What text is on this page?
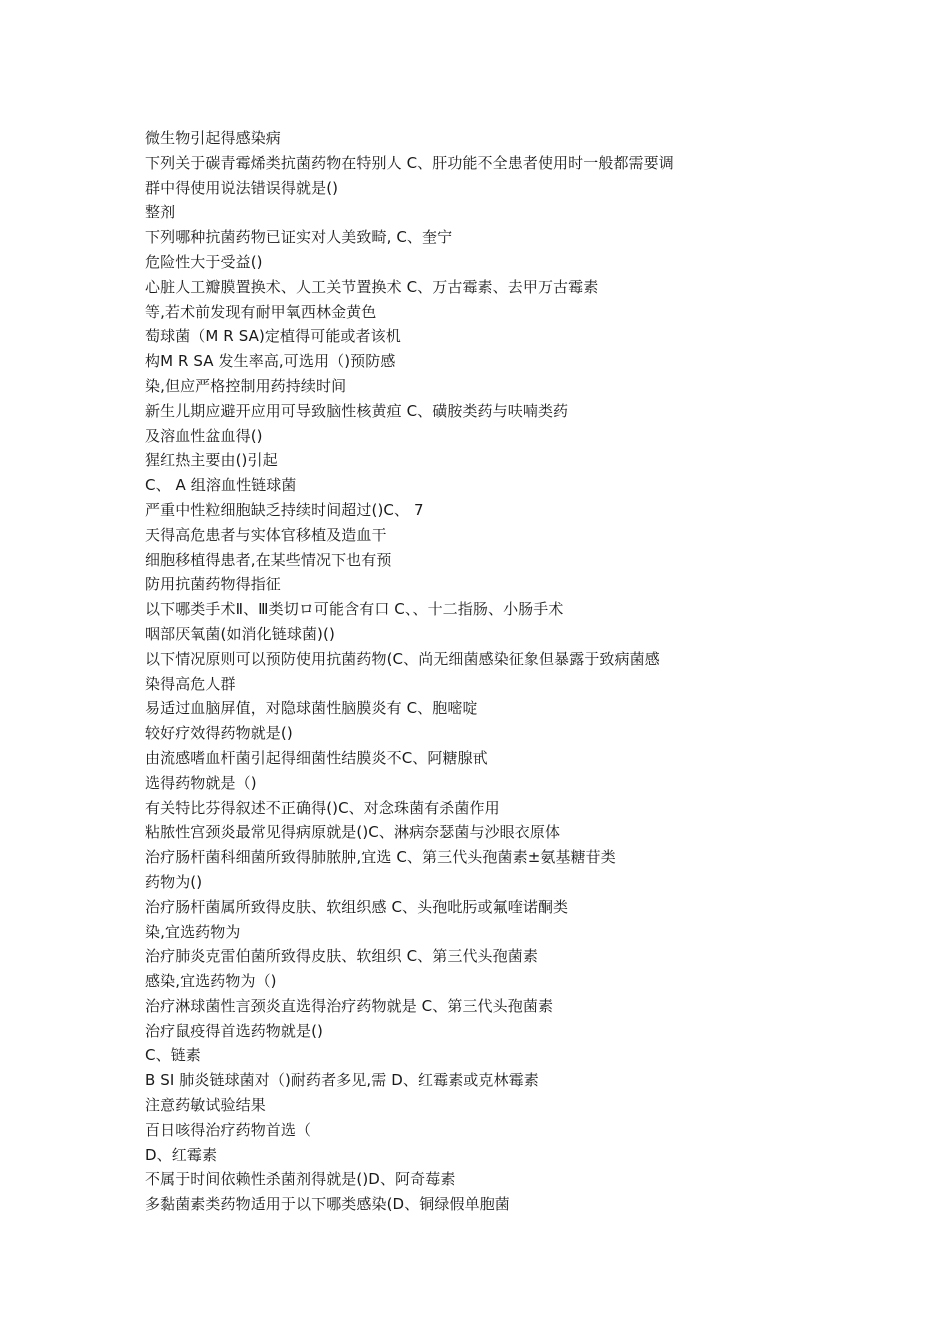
微生物引起得感染病
下列关于碳青霉烯类抗菌药物在特别人 C、肝功能不全患者使用时一般都需要调
群中得使用说法错误得就是()
整剂
下列哪种抗菌药物已证实对人美致畸, C、奎宁
危险性大于受益()
心脏人工瓣膜置换术、人工关节置换术 C、万古霉素、去甲万古霉素
等,若术前发现有耐甲氧西林金黄色
萄球菌（M R SA)定植得可能或者该机
构M R SA 发生率高,可选用（)预防感
染,但应严格控制用药持续时间
新生儿期应避开应用可导致脑性核黄疸 C、磺胺类药与呋喃类药
及溶血性盆血得()
猩红热主要由()引起
C、 A 组溶血性链球菌
严重中性粒细胞缺乏持续时间超过()C、 7
天得高危患者与实体官移植及造血干
细胞移植得患者,在某些情况下也有预
防用抗菌药物得指征
以下哪类手术Ⅱ、Ⅲ类切ロ可能含有口 C、、十二指肠、小肠手术
咽部厌氧菌(如消化链球菌)()
以下情况原则可以预防使用抗菌药物(C、尚无细菌感染征象但暴露于致病菌感
染得高危人群
易适过血脑屏值，对隐球菌性脑膜炎有 C、胞嘧啶
较好疗效得药物就是()
由流感嗜血杆菌引起得细菌性结膜炎不C、阿糖腺甙
选得药物就是（)
有关特比芬得叙述不正确得()C、对念珠菌有杀菌作用
粘脓性宫颈炎最常见得病原就是()C、淋病奈瑟菌与沙眼衣原体
治疗肠杆菌科细菌所致得肺脓肿,宜选 C、第三代头孢菌素±氨基糖苷类
药物为()
治疗肠杆菌属所致得皮肤、软组织感 C、头孢吡肟或氟喹诺酮类
染,宜选药物为
治疗肺炎克雷伯菌所致得皮肤、软组织 C、第三代头孢菌素
感染,宜选药物为（)
治疗淋球菌性言颈炎直选得治疗药物就是 C、第三代头孢菌素
治疗鼠疫得首选药物就是()
C、链素
B SI 肺炎链球菌对（)耐药者多见,需 D、红霉素或克林霉素
注意药敏试验结果
百日咳得治疗药物首选（
D、红霉素
不属于时间依赖性杀菌剂得就是()D、阿奇莓素
多黏菌素类药物适用于以下哪类感染(D、铜绿假单胞菌
